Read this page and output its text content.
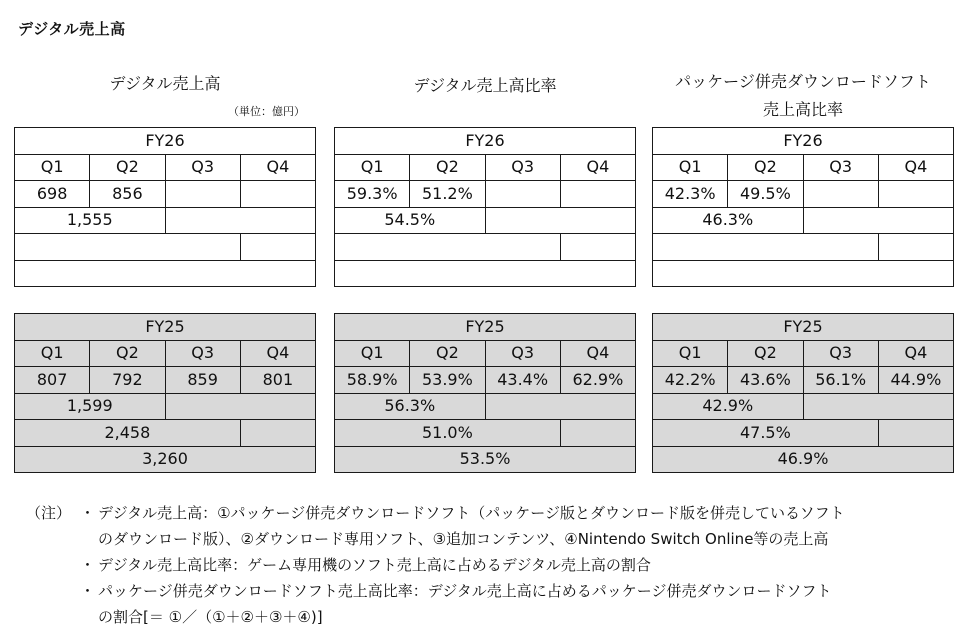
デジタル売上高
デジタル売上高
（単位：億円）
デジタル売上高比率	パッケージ併売ダウンロードソフト
売上高比率
FY26			
Q1	Q2	Q3	Q4
698	856		
1,555			

FY25			
Q1	Q2	Q3	Q4
807	792	859	801
1,599			
2,458			
3,260			
FY26			
Q1	Q2	Q3	Q4
59.3%	51.2%		
54.5%			

FY25			
Q1	Q2	Q3	Q4
58.9%	53.9%	43.4%	62.9%
56.3%			
51.0%			
53.5%			
FY26			
Q1	Q2	Q3	Q4
42.3%	49.5%		
46.3%			

FY25			
Q1	Q2	Q3	Q4
42.2%	43.6%	56.1%	44.9%
42.9%			
47.5%			
46.9%			
（注） ・ デジタル売上高：①パッケージ併売ダウンロードソフト（パッケージ版とダウンロード版を併売しているソフト
のダウンロード版）、②ダウンロード専用ソフト、③追加コンテンツ、④Nintendo Switch Online等の売上高
・ デジタル売上高比率：ゲーム専用機のソフト売上高に占めるデジタル売上高の割合
・ パッケージ併売ダウンロードソフト売上高比率：デジタル売上高に占めるパッケージ併売ダウンロードソフト
の割合[＝ ①／（①＋②＋③＋④)]
